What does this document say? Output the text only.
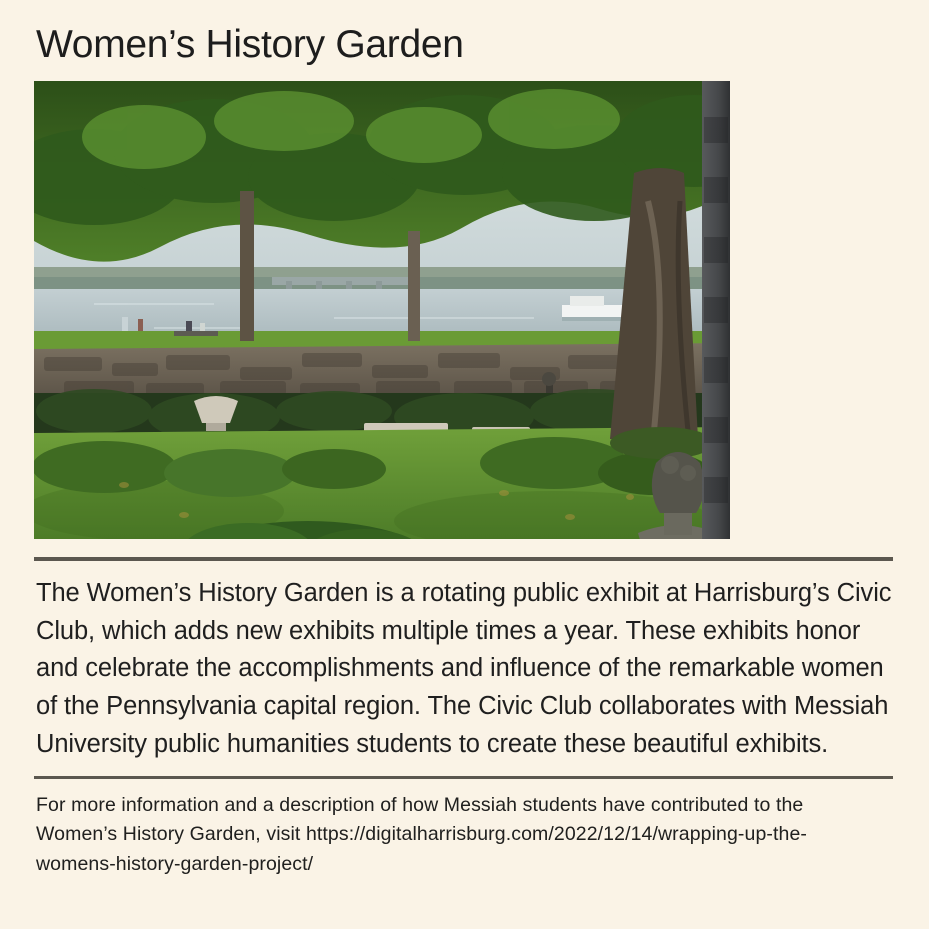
Women’s History Garden

The Women’s History Garden is a rotating public exhibit at Harrisburg’s Civic Club, which adds new exhibits multiple times a year. These exhibits honor and celebrate the accomplishments and influence of the remarkable women of the Pennsylvania capital region. The Civic Club collaborates with Messiah University public humanities students to create these beautiful exhibits.

For more information and a description of how Messiah students have contributed to the Women’s History Garden, visit https://digitalharrisburg.com/2022/12/14/wrapping-up-the-womens-history-garden-project/
